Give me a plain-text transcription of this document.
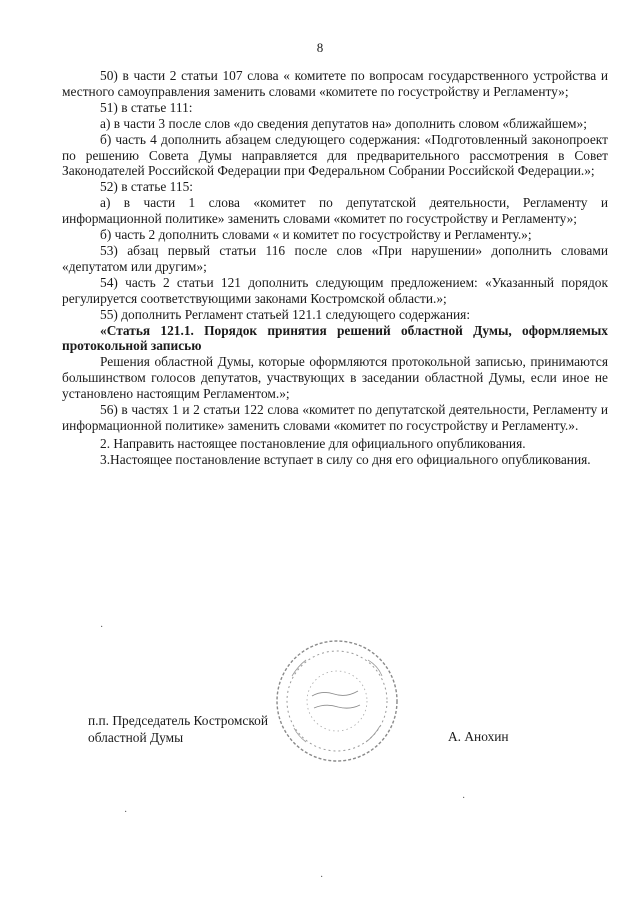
8

50) в части 2 статьи 107 слова « комитете по вопросам государственного устройства и местного самоуправления заменить словами «комитете по госустройству и Регламенту»;

51) в статье 111:

а) в части 3 после слов «до сведения депутатов на» дополнить словом «ближайшем»;

б) часть 4 дополнить абзацем следующего содержания: «Подготовленный законопроект по решению Совета Думы направляется для предварительного рассмотрения в Совет Законодателей Российской Федерации при Федеральном Собрании Российской Федерации.»;

52) в статье 115:

а) в части 1 слова «комитет по депутатской деятельности, Регламенту и информационной политике» заменить словами «комитет по госустройству и Регламенту»;

б) часть 2 дополнить словами « и комитет по госустройству и Регламенту.»;

53) абзац первый статьи 116 после слов «При нарушении» дополнить словами «депутатом или другим»;

54) часть 2 статьи 121 дополнить следующим предложением: «Указанный порядок регулируется соответствующими законами Костромской области.»;

55) дополнить Регламент статьей 121.1 следующего содержания:

«Статья 121.1. Порядок принятия решений областной Думы, оформляемых протокольной записью

Решения областной Думы, которые оформляются протокольной записью, принимаются большинством голосов депутатов, участвующих в заседании областной Думы, если иное не установлено настоящим Регламентом.»;

56) в частях 1 и 2 статьи 122 слова «комитет по депутатской деятельности, Регламенту и информационной политике» заменить словами «комитет по госустройству и Регламенту.».

2. Направить настоящее постановление для официального опубликования.

3.Настоящее постановление вступает в силу со дня его официального опубликования.

·
·
·
·
п.п. Председатель Костромской
областной Думы	А. Анохин
